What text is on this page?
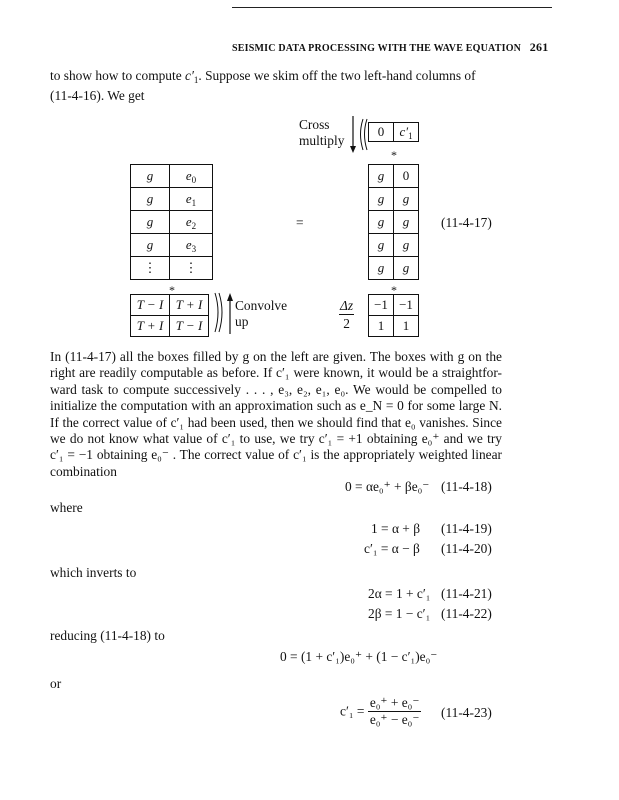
SEISMIC DATA PROCESSING WITH THE WAVE EQUATION 261
to show how to compute $c'_1$. Suppose we skim off the two left-hand columns of
(11-4-16). We get
Cross
multiply
0	$c'_1$
*
g	$e_0$
g	$e_1$
g	$e_2$
g	$e_3$
⋮	⋮
*
=
g	0
g	g
g	g
g	g
g	g
*
(11-4-17)
T − I	T + I
T + I	T − I
Convolve
up
Δz
2
−1	−1
1	1
In (11-4-17) all the boxes filled by g on the left are given. The boxes with g on the
right are readily computable as before. If c′₁ were known, it would be a straightfor-
ward task to compute successively . . . , e₃, e₂, e₁, e₀. We would be compelled to
initialize the computation with an approximation such as e_N = 0 for some large N.
If the correct value of c′₁ had been used, then we should find that e₀ vanishes. Since
we do not know what value of c′₁ to use, we try c′₁ = +1 obtaining e₀⁺ and we try
c′₁ = −1 obtaining e₀⁻ . The correct value of c′₁ is the appropriately weighted linear
combination
0 = αe₀⁺ + βe₀⁻ (11-4-18)
where
1 = α + β (11-4-19)
c′₁ = α − β (11-4-20)
which inverts to
2α = 1 + c′₁ (11-4-21)
2β = 1 − c′₁ (11-4-22)
reducing (11-4-18) to
0 = (1 + c′₁)e₀⁺ + (1 − c′₁)e₀⁻
or
$c'_1 = \frac{\text{e₀⁺ + e₀⁻}}{\text{e₀⁺ − e₀⁻}} (11-4-23)$
